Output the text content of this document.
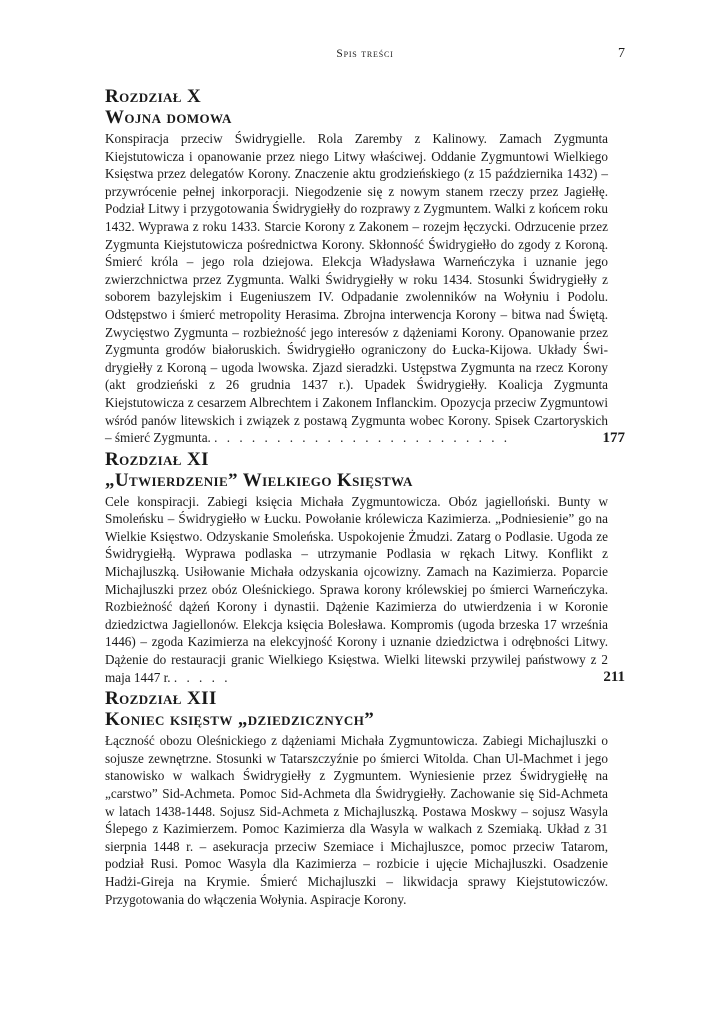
Spis treści	7
Rozdział X
Wojna domowa
Konspiracja przeciw Świdrygielle. Rola Zaremby z Kalinowy. Zamach Zygmunta Kiejstutowicza i opanowanie przez niego Litwy właściwej. Oddanie Zygmuntowi Wielkiego Księstwa przez delegatów Korony. Znaczenie aktu grodzieńskiego (z 15 października 1432) – przywrócenie pełnej inkorporacji. Niegodzenie się z nowym stanem rzeczy przez Jagiełłę. Podział Litwy i przygotowania Świdrygiełły do rozprawy z Zygmuntem. Walki z końcem roku 1432. Wyprawa z roku 1433. Starcie Korony z Zakonem – rozejm łęczycki. Odrzucenie przez Zygmunta Kiejstutowicza pośrednictwa Korony. Skłonność Świdrygiełło do zgody z Koroną. Śmierć króla – jego rola dziejowa. Elekcja Władysława Warneńczyka i uznanie jego zwierzchnictwa przez Zygmunta. Walki Świdrygiełły w roku 1434. Stosunki Świdrygiełły z soborem bazylejskim i Eugeniuszem IV. Odpadanie zwolenników na Wołyniu i Podolu. Odstępstwo i śmierć metropolity Herasima. Zbrojna interwencja Korony – bitwa nad Świętą. Zwycięstwo Zygmunta – rozbieżność jego interesów z dążeniami Korony. Opanowanie przez Zygmunta grodów białoruskich. Świdrygiełło ograniczony do Łucka-Kijowa. Układy Świdrygiełły z Koroną – ugoda lwowska. Zjazd sieradzki. Ustępstwa Zygmunta na rzecz Korony (akt grodzieński z 26 grudnia 1437 r.). Upadek Świdrygiełły. Koalicja Zygmunta Kiejstutowicza z cesarzem Albrechtem i Zakonem Inflanckim. Opozycja przeciw Zygmuntowi wśród panów litewskich i związek z postawą Zygmunta wobec Korony. Spisek Czartoryskich – śmierć Zygmunta. . . . . . . . . . . . . . . . . . . . . . . . .	177
Rozdział XI
„Utwierdzenie” Wielkiego Księstwa
Cele konspiracji. Zabiegi księcia Michała Zygmuntowicza. Obóz jagielloński. Bunty w Smoleńsku – Świdrygiełło w Łucku. Powołanie królewicza Kazimierza. „Podniesienie” go na Wielkie Księstwo. Odzyskanie Smoleńska. Uspokojenie Żmudzi. Zatarg o Podlasie. Ugoda ze Świdrygiełłą. Wyprawa podlaska – utrzymanie Podlasia w rękach Litwy. Konflikt z Michajluszką. Usiłowanie Michała odzyskania ojcowizny. Zamach na Kazimierza. Poparcie Michajluszki przez obóz Oleśnickiego. Sprawa korony królewskiej po śmierci Warneńczyka. Rozbieżność dążeń Korony i dynastii. Dążenie Kazimierza do utwierdzenia i w Koronie dziedzictwa Jagiellonów. Elekcja księcia Bolesława. Kompromis (ugoda brzeska 17 września 1446) – zgoda Kazimierza na elekcyjność Korony i uznanie dziedzictwa i odrębności Litwy. Dążenie do restauracji granic Wielkiego Księstwa. Wielki litewski przywilej państwowy z 2 maja 1447 r. . . . . .	211
Rozdział XII
Koniec księstw „dziedzicznych”
Łączność obozu Oleśnickiego z dążeniami Michała Zygmuntowicza. Zabiegi Michajluszki o sojusze zewnętrzne. Stosunki w Tatarszczyźnie po śmierci Witolda. Chan Ul-Machmet i jego stanowisko w walkach Świdrygiełły z Zygmuntem. Wyniesienie przez Świdrygiełłę na „carstwo” Sid-Achmeta. Pomoc Sid-Achmeta dla Świdrygiełły. Zachowanie się Sid-Achmeta w latach 1438-1448. Sojusz Sid-Achmeta z Michajluszką. Postawa Moskwy – sojusz Wasyla Ślepego z Kazimierzem. Pomoc Kazimierza dla Wasyla w walkach z Szemiaką. Układ z 31 sierpnia 1448 r. – asekuracja przeciw Szemiace i Michajluszce, pomoc przeciw Tatarom, podział Rusi. Pomoc Wasyla dla Kazimierza – rozbicie i ujęcie Michajluszki. Osadzenie Hadżi-Gireja na Krymie. Śmierć Michajluszki – likwidacja sprawy Kiejstutowiczów. Przygotowania do włączenia Wołynia. Aspiracje Korony.
